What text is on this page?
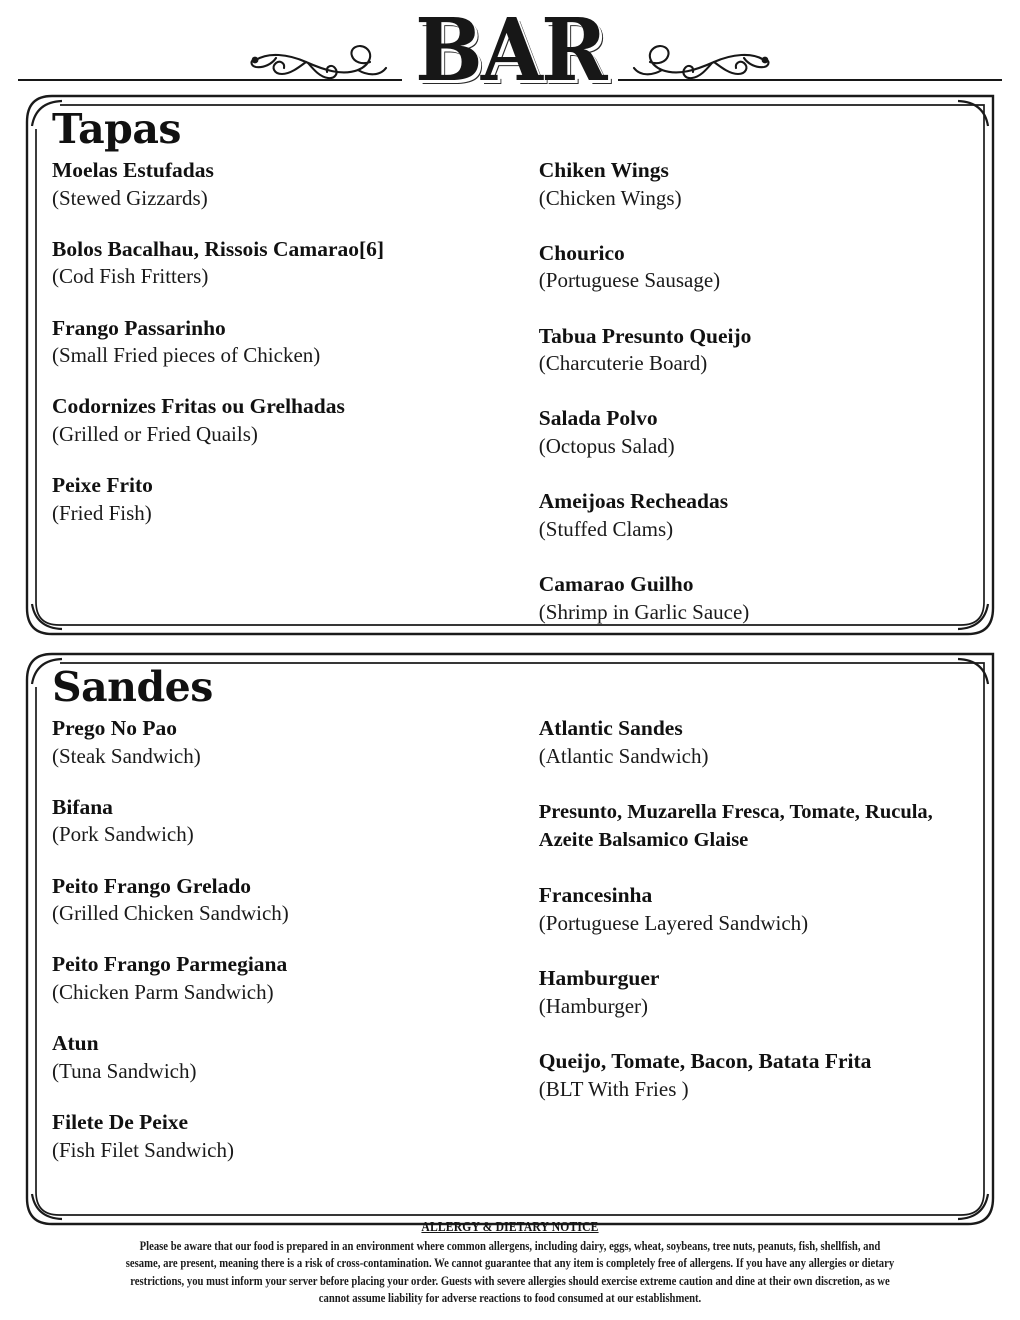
BAR
Tapas

Moelas Estufadas

(Stewed Gizzards)

Bolos Bacalhau, Rissois Camarao[6]

(Cod Fish Fritters)

Frango Passarinho

(Small Fried pieces of Chicken)

Codornizes Fritas ou Grelhadas

(Grilled or Fried Quails)

Peixe Frito

(Fried Fish)

Chiken Wings

(Chicken Wings)

Chourico

(Portuguese Sausage)

Tabua Presunto Queijo

(Charcuterie Board)

Salada Polvo

(Octopus Salad)

Ameijoas Recheadas

(Stuffed Clams)

Camarao Guilho

(Shrimp in Garlic Sauce)

Sandes

Prego No Pao

(Steak Sandwich)

Bifana

(Pork Sandwich)

Peito Frango Grelado

(Grilled Chicken Sandwich)

Peito Frango Parmegiana

(Chicken Parm Sandwich)

Atun

(Tuna Sandwich)

Filete De Peixe

(Fish Filet Sandwich)

Atlantic Sandes

(Atlantic Sandwich)

Presunto, Muzarella Fresca, Tomate, Rucula, Azeite Balsamico Glaise

Francesinha

(Portuguese Layered Sandwich)

Hamburguer

(Hamburger)

Queijo, Tomate, Bacon, Batata Frita

(BLT With Fries )

ALLERGY & DIETARY NOTICE

Please be aware that our food is prepared in an environment where common allergens, including dairy, eggs, wheat, soybeans, tree nuts, peanuts, fish, shellfish, and sesame, are present, meaning there is a risk of cross-contamination. We cannot guarantee that any item is completely free of allergens. If you have any allergies or dietary restrictions, you must inform your server before placing your order. Guests with severe allergies should exercise extreme caution and dine at their own discretion, as we cannot assume liability for adverse reactions to food consumed at our establishment.
